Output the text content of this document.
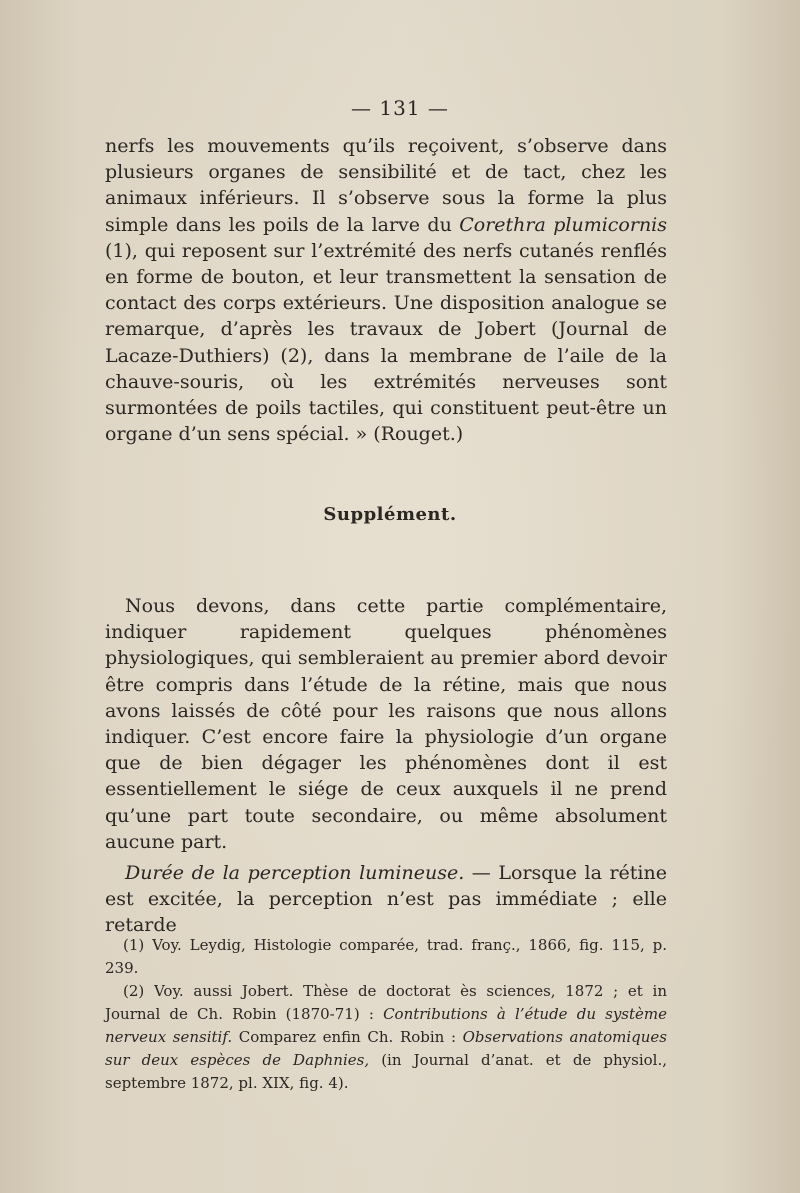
— 131 —

nerfs les mouvements qu’ils reçoivent, s’observe dans plusieurs organes de sensibilité et de tact, chez les animaux inférieurs. Il s’observe sous la forme la plus simple dans les poils de la larve du Corethra plumicornis (1), qui reposent sur l’extrémité des nerfs cutanés renflés en forme de bouton, et leur transmettent la sensation de contact des corps extérieurs. Une disposition analogue se remarque, d’après les travaux de Jobert (Journal de Lacaze-Duthiers) (2), dans la membrane de l’aile de la chauve-souris, où les extrémités nerveuses sont surmontées de poils tactiles, qui constituent peut-être un organe d’un sens spécial. » (Rouget.)

Supplément.

Nous devons, dans cette partie complémentaire, indiquer rapidement quelques phénomènes physiologiques, qui sembleraient au premier abord devoir être compris dans l’étude de la rétine, mais que nous avons laissés de côté pour les raisons que nous allons indiquer. C’est encore faire la physiologie d’un organe que de bien dégager les phénomènes dont il est essentiellement le siége de ceux auxquels il ne prend qu’une part toute secondaire, ou même absolument aucune part.

Durée de la perception lumineuse. — Lorsque la rétine est excitée, la perception n’est pas immédiate ; elle retarde

(1) Voy. Leydig, Histologie comparée, trad. franç., 1866, fig. 115, p. 239.

(2) Voy. aussi Jobert. Thèse de doctorat ès sciences, 1872 ; et in Journal de Ch. Robin (1870-71) : Contributions à l’étude du système nerveux sensitif. Comparez enfin Ch. Robin : Observations anatomiques sur deux espèces de Daphnies, (in Journal d’anat. et de physiol., septembre 1872, pl. XIX, fig. 4).
